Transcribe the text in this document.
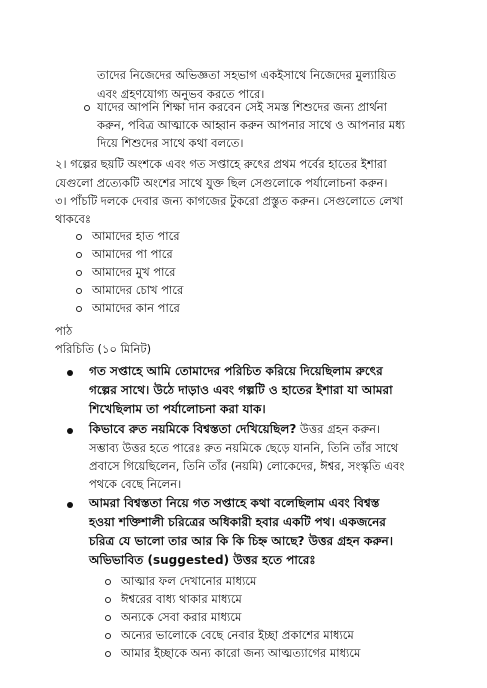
তাদের নিজেদের অভিজ্ঞতা সহভাগ একইসাথে নিজেদের মুল্যায়িত
এবং গ্রহণযোগ্য অনুভব করতে পারে।
যাদের আপনি শিক্ষা দান করবেন সেই সমস্ত শিশুদের জন্য প্রার্থনা
করুন, পবিত্র আত্মাকে আহ্বান করুন আপনার সাথে ও আপনার মধ্য
দিয়ে শিশুদের সাথে কথা বলতে।
২। গল্পের ছয়টি অংশকে এবং গত সপ্তাহে রুৎের প্রথম পর্বের হাতের ইশারা
যেগুলো প্রত্যেকটি অংশের সাথে যুক্ত ছিল সেগুলোকে পর্যালোচনা করুন।
৩। পাঁচটি দলকে দেবার জন্য কাগজের টুকরো প্রস্তুত করুন। সেগুলোতে লেখা
থাকবেঃ
আমাদের হাত পারে
আমাদের পা পারে
আমাদের মুখ পারে
আমাদের চোখ পারে
আমাদের কান পারে
পাঠ
পরিচিতি (১০ মিনিট)
গত সপ্তাহে আমি তোমাদের পরিচিত করিয়ে দিয়েছিলাম রুৎের
গল্পের সাথে। উঠে দাড়াও এবং গল্পটি ও হাতের ইশারা যা আমরা
শিখেছিলাম তা পর্যালোচনা করা যাক।
কিভাবে রুত নয়মিকে বিশ্বস্ততা দেখিয়েছিল? উত্তর গ্রহন করুন।
সম্ভাব্য উত্তর হতে পারেঃ রুত নয়মিকে ছেড়ে যাননি, তিনি তাঁর সাথে
প্রবাসে গিয়েছিলেন, তিনি তাঁর (নয়মি) লোকেদের, ঈশ্বর, সংস্কৃতি এবং
পথকে বেছে নিলেন।
আমরা বিশ্বস্ততা নিয়ে গত সপ্তাহে কথা বলেছিলাম এবং বিশ্বস্ত
হওয়া শক্তিশালী চরিত্রের অধিকারী হবার একটি পথ। একজনের
চরিত্র যে ভালো তার আর কি কি চিহ্ন আছে? উত্তর গ্রহন করুন।
অভিভাবিত (suggested) উত্তর হতে পারেঃ
আত্মার ফল দেখানোর মাধ্যমে
ঈশ্বরের বাধ্য থাকার মাধ্যমে
অন্যকে সেবা করার মাধ্যমে
অন্যের ভালোকে বেছে নেবার ইচ্ছা প্রকাশের মাধ্যমে
আমার ইচ্ছাকে অন্য কারো জন্য আত্মত্যাগের মাধ্যমে
